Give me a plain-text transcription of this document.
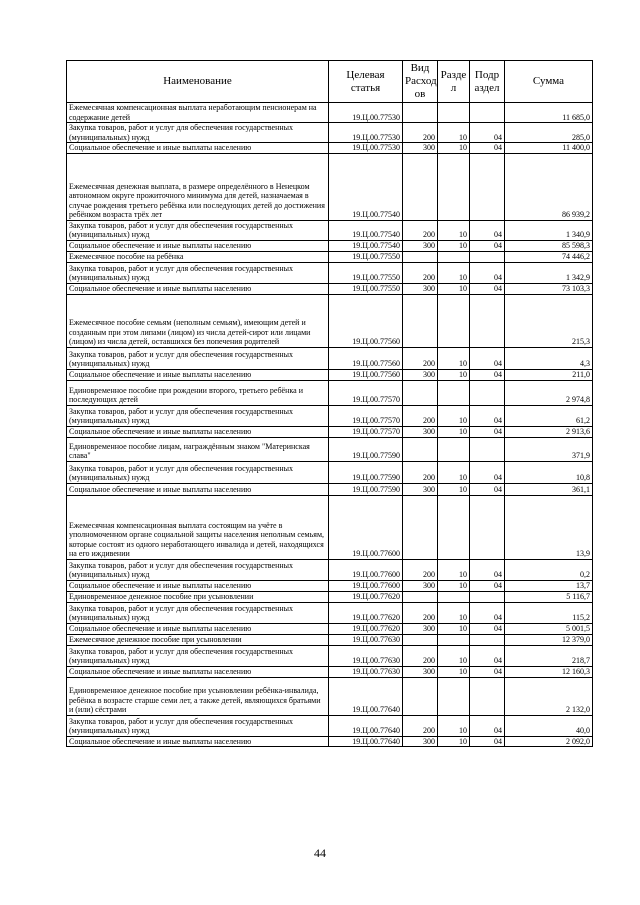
Наименование	Целевая статья	Вид Расход ов	Разде л	Подр аздел	Сумма
Ежемесячная компенсационная выплата неработающим пенсионерам на содержание детей	19.Ц.00.77530				11 685,0
Закупка товаров, работ и услуг для обеспечения государственных (муниципальных) нужд	19.Ц.00.77530	200	10	04	285,0
Социальное обеспечение и иные выплаты населению	19.Ц.00.77530	300	10	04	11 400,0
Ежемесячная денежная выплата, в размере определённого в Ненецком автономном округе прожиточного минимума для детей, назначаемая в случае рождения третьего ребёнка или последующих детей до достижения ребёнком возраста трёх лет	19.Ц.00.77540				86 939,2
Закупка товаров, работ и услуг для обеспечения государственных (муниципальных) нужд	19.Ц.00.77540	200	10	04	1 340,9
Социальное обеспечение и иные выплаты населению	19.Ц.00.77540	300	10	04	85 598,3
Ежемесячное пособие на ребёнка	19.Ц.00.77550				74 446,2
Закупка товаров, работ и услуг для обеспечения государственных (муниципальных) нужд	19.Ц.00.77550	200	10	04	1 342,9
Социальное обеспечение и иные выплаты населению	19.Ц.00.77550	300	10	04	73 103,3
Ежемесячное пособие семьям (неполным семьям), имеющим детей и созданным при этом липами (лицом) из числа детей-сирот или лицами (лицом) из числа детей, оставшихся без попечения родителей	19.Ц.00.77560				215,3
Закупка товаров, работ и услуг для обеспечения государственных (муниципальных) нужд	19.Ц.00.77560	200	10	04	4,3
Социальное обеспечение и иные выплаты населению	19.Ц.00.77560	300	10	04	211,0
Единовременное пособие при рождении второго, третьего ребёнка и последующих детей	19.Ц.00.77570				2 974,8
Закупка товаров, работ и услуг для обеспечения государственных (муниципальных) нужд	19.Ц.00.77570	200	10	04	61,2
Социальное обеспечение и иные выплаты населению	19.Ц.00.77570	300	10	04	2 913,6
Единовременное пособие лицам, награждённым знаком "Материнская слава"	19.Ц.00.77590				371,9
Закупка товаров, работ и услуг для обеспечения государственных (муниципальных) нужд	19.Ц.00.77590	200	10	04	10,8
Социальное обеспечение и иные выплаты населению	19.Ц.00.77590	300	10	04	361,1
Ежемесячная компенсационная выплата состоящим на учёте в уполномоченном органе социальной защиты населения неполным семьям, которые состоят из одного неработающего инвалида и детей, находящихся на его иждивении	19.Ц.00.77600				13,9
Закупка товаров, работ и услуг для обеспечения государственных (муниципальных) нужд	19.Ц.00.77600	200	10	04	0,2
Социальное обеспечение и иные выплаты населению	19.Ц.00.77600	300	10	04	13,7
Единовременное денежное пособие при усыновлении	19.Ц.00.77620				5 116,7
Закупка товаров, работ и услуг для обеспечения государственных (муниципальных) нужд	19.Ц.00.77620	200	10	04	115,2
Социальное обеспечение и иные выплаты населению	19.Ц.00.77620	300	10	04	5 001,5
Ежемесячное денежное пособие при усыновлении	19.Ц.00.77630				12 379,0
Закупка товаров, работ и услуг для обеспечения государственных (муниципальных) нужд	19.Ц.00.77630	200	10	04	218,7
Социальное обеспечение и иные выплаты населению	19.Ц.00.77630	300	10	04	12 160,3
Единовременное денежное пособие при усыновлении ребёнка-инвалида, ребёнка в возрасте старше семи лет, а также детей, являющихся братьями и (или) сёстрами	19.Ц.00.77640				2 132,0
Закупка товаров, работ и услуг для обеспечения государственных (муниципальных) нужд	19.Ц.00.77640	200	10	04	40,0
Социальное обеспечение и иные выплаты населению	19.Ц.00.77640	300	10	04	2 092,0
44
